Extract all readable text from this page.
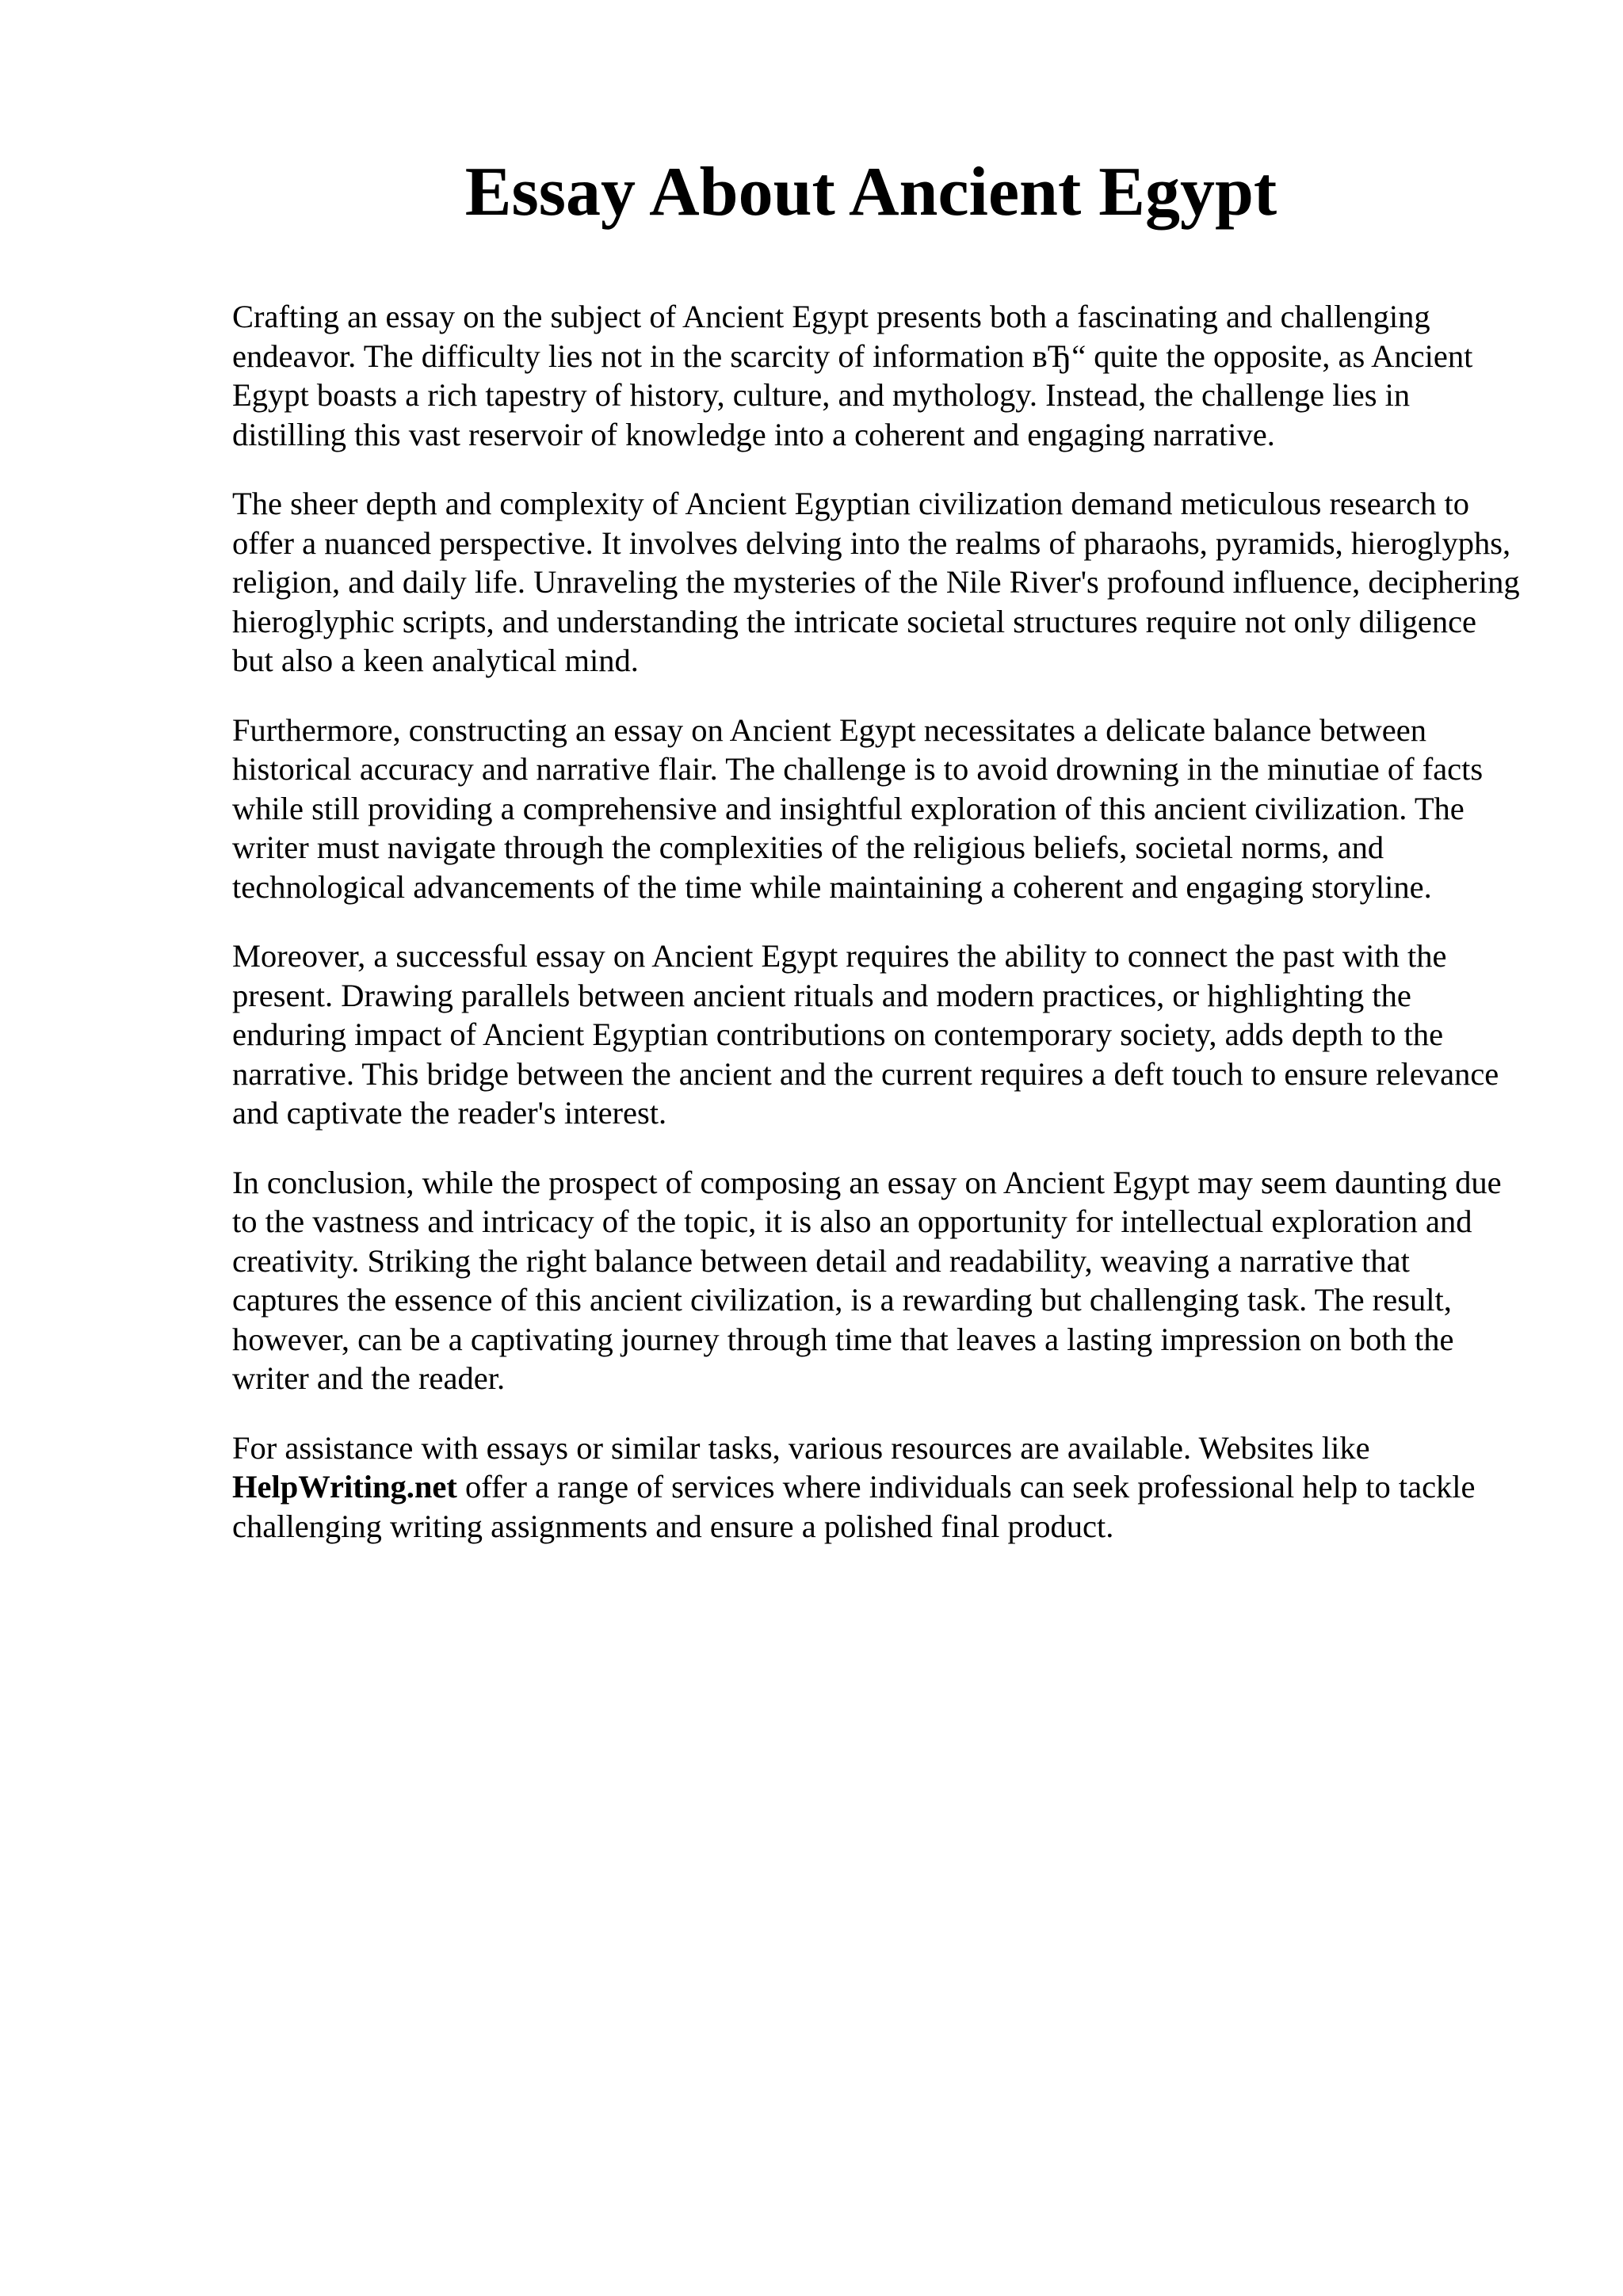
Essay About Ancient Egypt

Crafting an essay on the subject of Ancient Egypt presents both a fascinating and challenging endeavor. The difficulty lies not in the scarcity of information вЂ“ quite the opposite, as Ancient Egypt boasts a rich tapestry of history, culture, and mythology. Instead, the challenge lies in distilling this vast reservoir of knowledge into a coherent and engaging narrative.

The sheer depth and complexity of Ancient Egyptian civilization demand meticulous research to offer a nuanced perspective. It involves delving into the realms of pharaohs, pyramids, hieroglyphs, religion, and daily life. Unraveling the mysteries of the Nile River's profound influence, deciphering hieroglyphic scripts, and understanding the intricate societal structures require not only diligence but also a keen analytical mind.

Furthermore, constructing an essay on Ancient Egypt necessitates a delicate balance between historical accuracy and narrative flair. The challenge is to avoid drowning in the minutiae of facts while still providing a comprehensive and insightful exploration of this ancient civilization. The writer must navigate through the complexities of the religious beliefs, societal norms, and technological advancements of the time while maintaining a coherent and engaging storyline.

Moreover, a successful essay on Ancient Egypt requires the ability to connect the past with the present. Drawing parallels between ancient rituals and modern practices, or highlighting the enduring impact of Ancient Egyptian contributions on contemporary society, adds depth to the narrative. This bridge between the ancient and the current requires a deft touch to ensure relevance and captivate the reader's interest.

In conclusion, while the prospect of composing an essay on Ancient Egypt may seem daunting due to the vastness and intricacy of the topic, it is also an opportunity for intellectual exploration and creativity. Striking the right balance between detail and readability, weaving a narrative that captures the essence of this ancient civilization, is a rewarding but challenging task. The result, however, can be a captivating journey through time that leaves a lasting impression on both the writer and the reader.

For assistance with essays or similar tasks, various resources are available. Websites like HelpWriting.net offer a range of services where individuals can seek professional help to tackle challenging writing assignments and ensure a polished final product.
